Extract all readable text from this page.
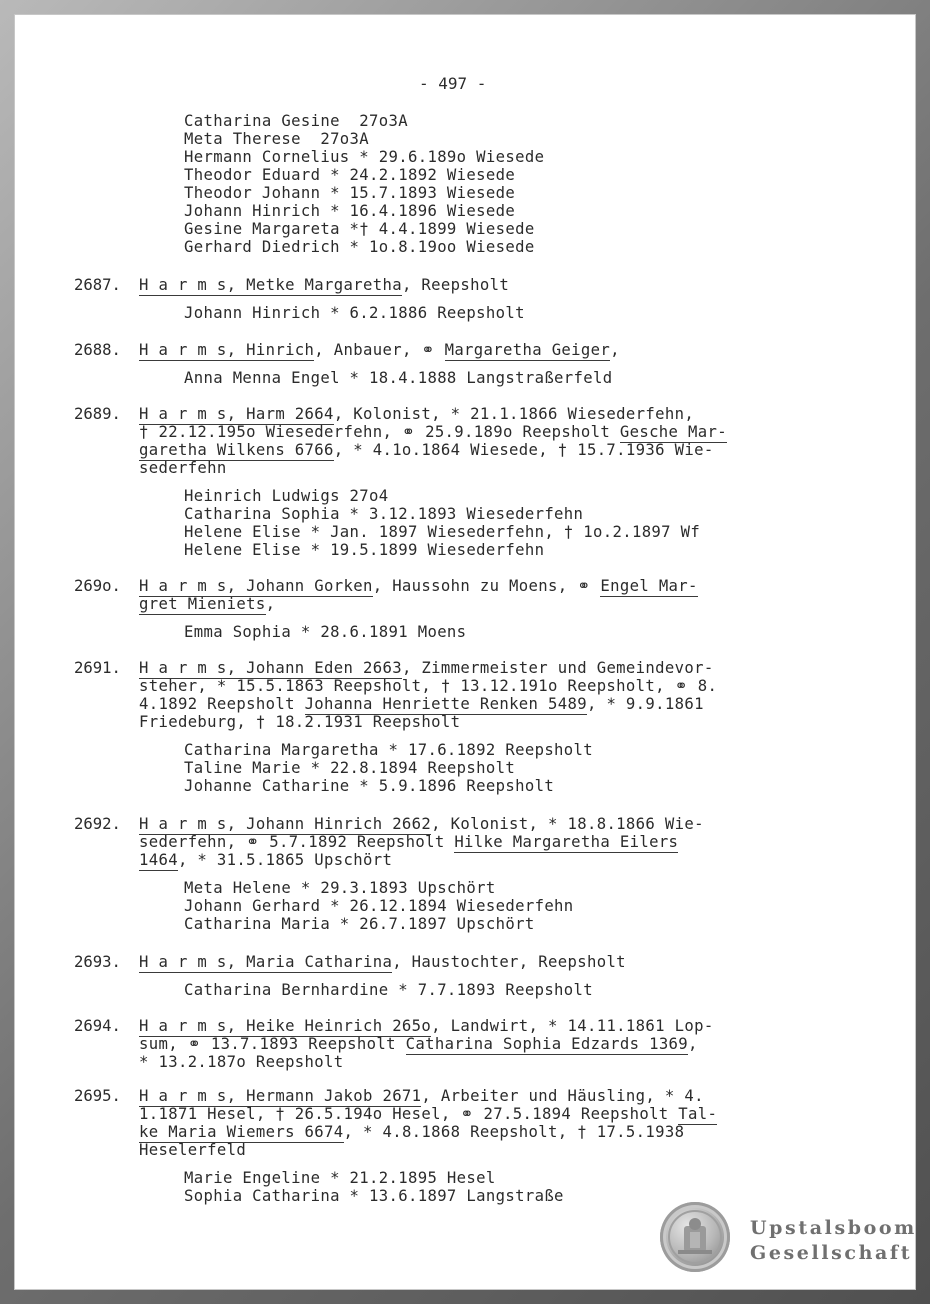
- 497 -
Catharina Gesine  27o3A
Meta Therese  27o3A
Hermann Cornelius * 29.6.189o Wiesede
Theodor Eduard * 24.2.1892 Wiesede
Theodor Johann * 15.7.1893 Wiesede
Johann Hinrich * 16.4.1896 Wiesede
Gesine Margareta *† 4.4.1899 Wiesede
Gerhard Diedrich * 1o.8.19oo Wiesede
2687. H a r m s, Metke Margaretha, Reepsholt
Johann Hinrich * 6.2.1886 Reepsholt
2688. H a r m s, Hinrich, Anbauer, ⚭ Margaretha Geiger,
Anna Menna Engel * 18.4.1888 Langstraßerfeld
2689. H a r m s, Harm 2664, Kolonist, * 21.1.1866 Wiesederfehn,
† 22.12.195o Wiesederfehn, ⚭ 25.9.189o Reepsholt Gesche Mar-
garetha Wilkens 6766, * 4.1o.1864 Wiesede, † 15.7.1936 Wie-
sederfehn
Heinrich Ludwigs 27o4
Catharina Sophia * 3.12.1893 Wiesederfehn
Helene Elise * Jan. 1897 Wiesederfehn, † 1o.2.1897 Wf
Helene Elise * 19.5.1899 Wiesederfehn
269o. H a r m s, Johann Gorken, Haussohn zu Moens, ⚭ Engel Mar-
gret Mieniets,
Emma Sophia * 28.6.1891 Moens
2691. H a r m s, Johann Eden 2663, Zimmermeister und Gemeindevor-
steher, * 15.5.1863 Reepsholt, † 13.12.191o Reepsholt, ⚭ 8.
4.1892 Reepsholt Johanna Henriette Renken 5489, * 9.9.1861
Friedeburg, † 18.2.1931 Reepsholt
Catharina Margaretha * 17.6.1892 Reepsholt
Taline Marie * 22.8.1894 Reepsholt
Johanne Catharine * 5.9.1896 Reepsholt
2692. H a r m s, Johann Hinrich 2662, Kolonist, * 18.8.1866 Wie-
sederfehn, ⚭ 5.7.1892 Reepsholt Hilke Margaretha Eilers
1464, * 31.5.1865 Upschört
Meta Helene * 29.3.1893 Upschört
Johann Gerhard * 26.12.1894 Wiesederfehn
Catharina Maria * 26.7.1897 Upschört
2693. H a r m s, Maria Catharina, Haustochter, Reepsholt
Catharina Bernhardine * 7.7.1893 Reepsholt
2694. H a r m s, Heike Heinrich 265o, Landwirt, * 14.11.1861 Lop-
sum, ⚭ 13.7.1893 Reepsholt Catharina Sophia Edzards 1369,
* 13.2.187o Reepsholt
2695. H a r m s, Hermann Jakob 2671, Arbeiter und Häusling, * 4.
1.1871 Hesel, † 26.5.194o Hesel, ⚭ 27.5.1894 Reepsholt Tal-
ke Maria Wiemers 6674, * 4.8.1868 Reepsholt, † 17.5.1938
Heselerfeld
Marie Engeline * 21.2.1895 Hesel
Sophia Catharina * 13.6.1897 Langstraße
Upstalsboom
Gesellschaft
